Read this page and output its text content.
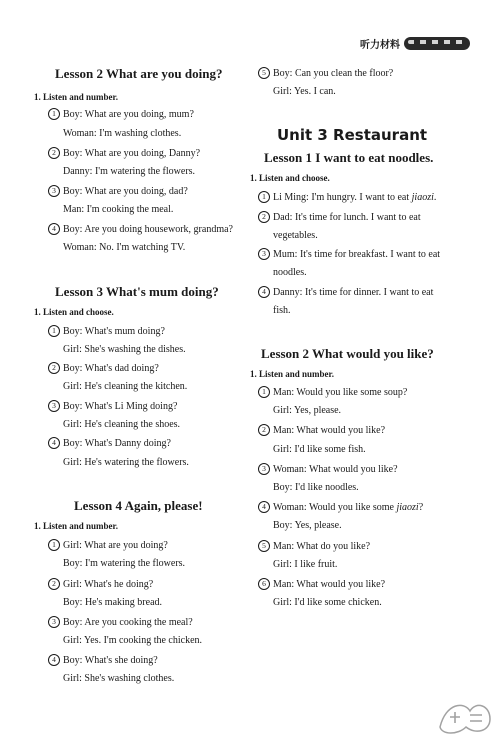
听力材料
Lesson 2 What are you doing?
1. Listen and number.
1 Boy: What are you doing, mum?
Woman: I'm washing clothes.
2 Boy: What are you doing, Danny?
Danny: I'm watering the flowers.
3 Boy: What are you doing, dad?
Man: I'm cooking the meal.
4 Boy: Are you doing housework, grandma?
Woman: No. I'm watching TV.
Lesson 3 What's mum doing?
1. Listen and choose.
1 Boy: What's mum doing?
Girl: She's washing the dishes.
2 Boy: What's dad doing?
Girl: He's cleaning the kitchen.
3 Boy: What's Li Ming doing?
Girl: He's cleaning the shoes.
4 Boy: What's Danny doing?
Girl: He's watering the flowers.
Lesson 4 Again, please!
1. Listen and number.
1 Girl: What are you doing?
Boy: I'm watering the flowers.
2 Girl: What's he doing?
Boy: He's making bread.
3 Boy: Are you cooking the meal?
Girl: Yes. I'm cooking the chicken.
4 Boy: What's she doing?
Girl: She's washing clothes.
5 Boy: Can you clean the floor?
Girl: Yes. I can.
Unit 3 Restaurant
Lesson 1 I want to eat noodles.
1. Listen and choose.
1 Li Ming: I'm hungry. I want to eat jiaozi.
2 Dad: It's time for lunch. I want to eat
vegetables.
3 Mum: It's time for breakfast. I want to eat
noodles.
4 Danny: It's time for dinner. I want to eat
fish.
Lesson 2 What would you like?
1. Listen and number.
1 Man: Would you like some soup?
Girl: Yes, please.
2 Man: What would you like?
Girl: I'd like some fish.
3 Woman: What would you like?
Boy: I'd like noodles.
4 Woman: Would you like some jiaozi?
Boy: Yes, please.
5 Man: What do you like?
Girl: I like fruit.
6 Man: What would you like?
Girl: I'd like some chicken.
